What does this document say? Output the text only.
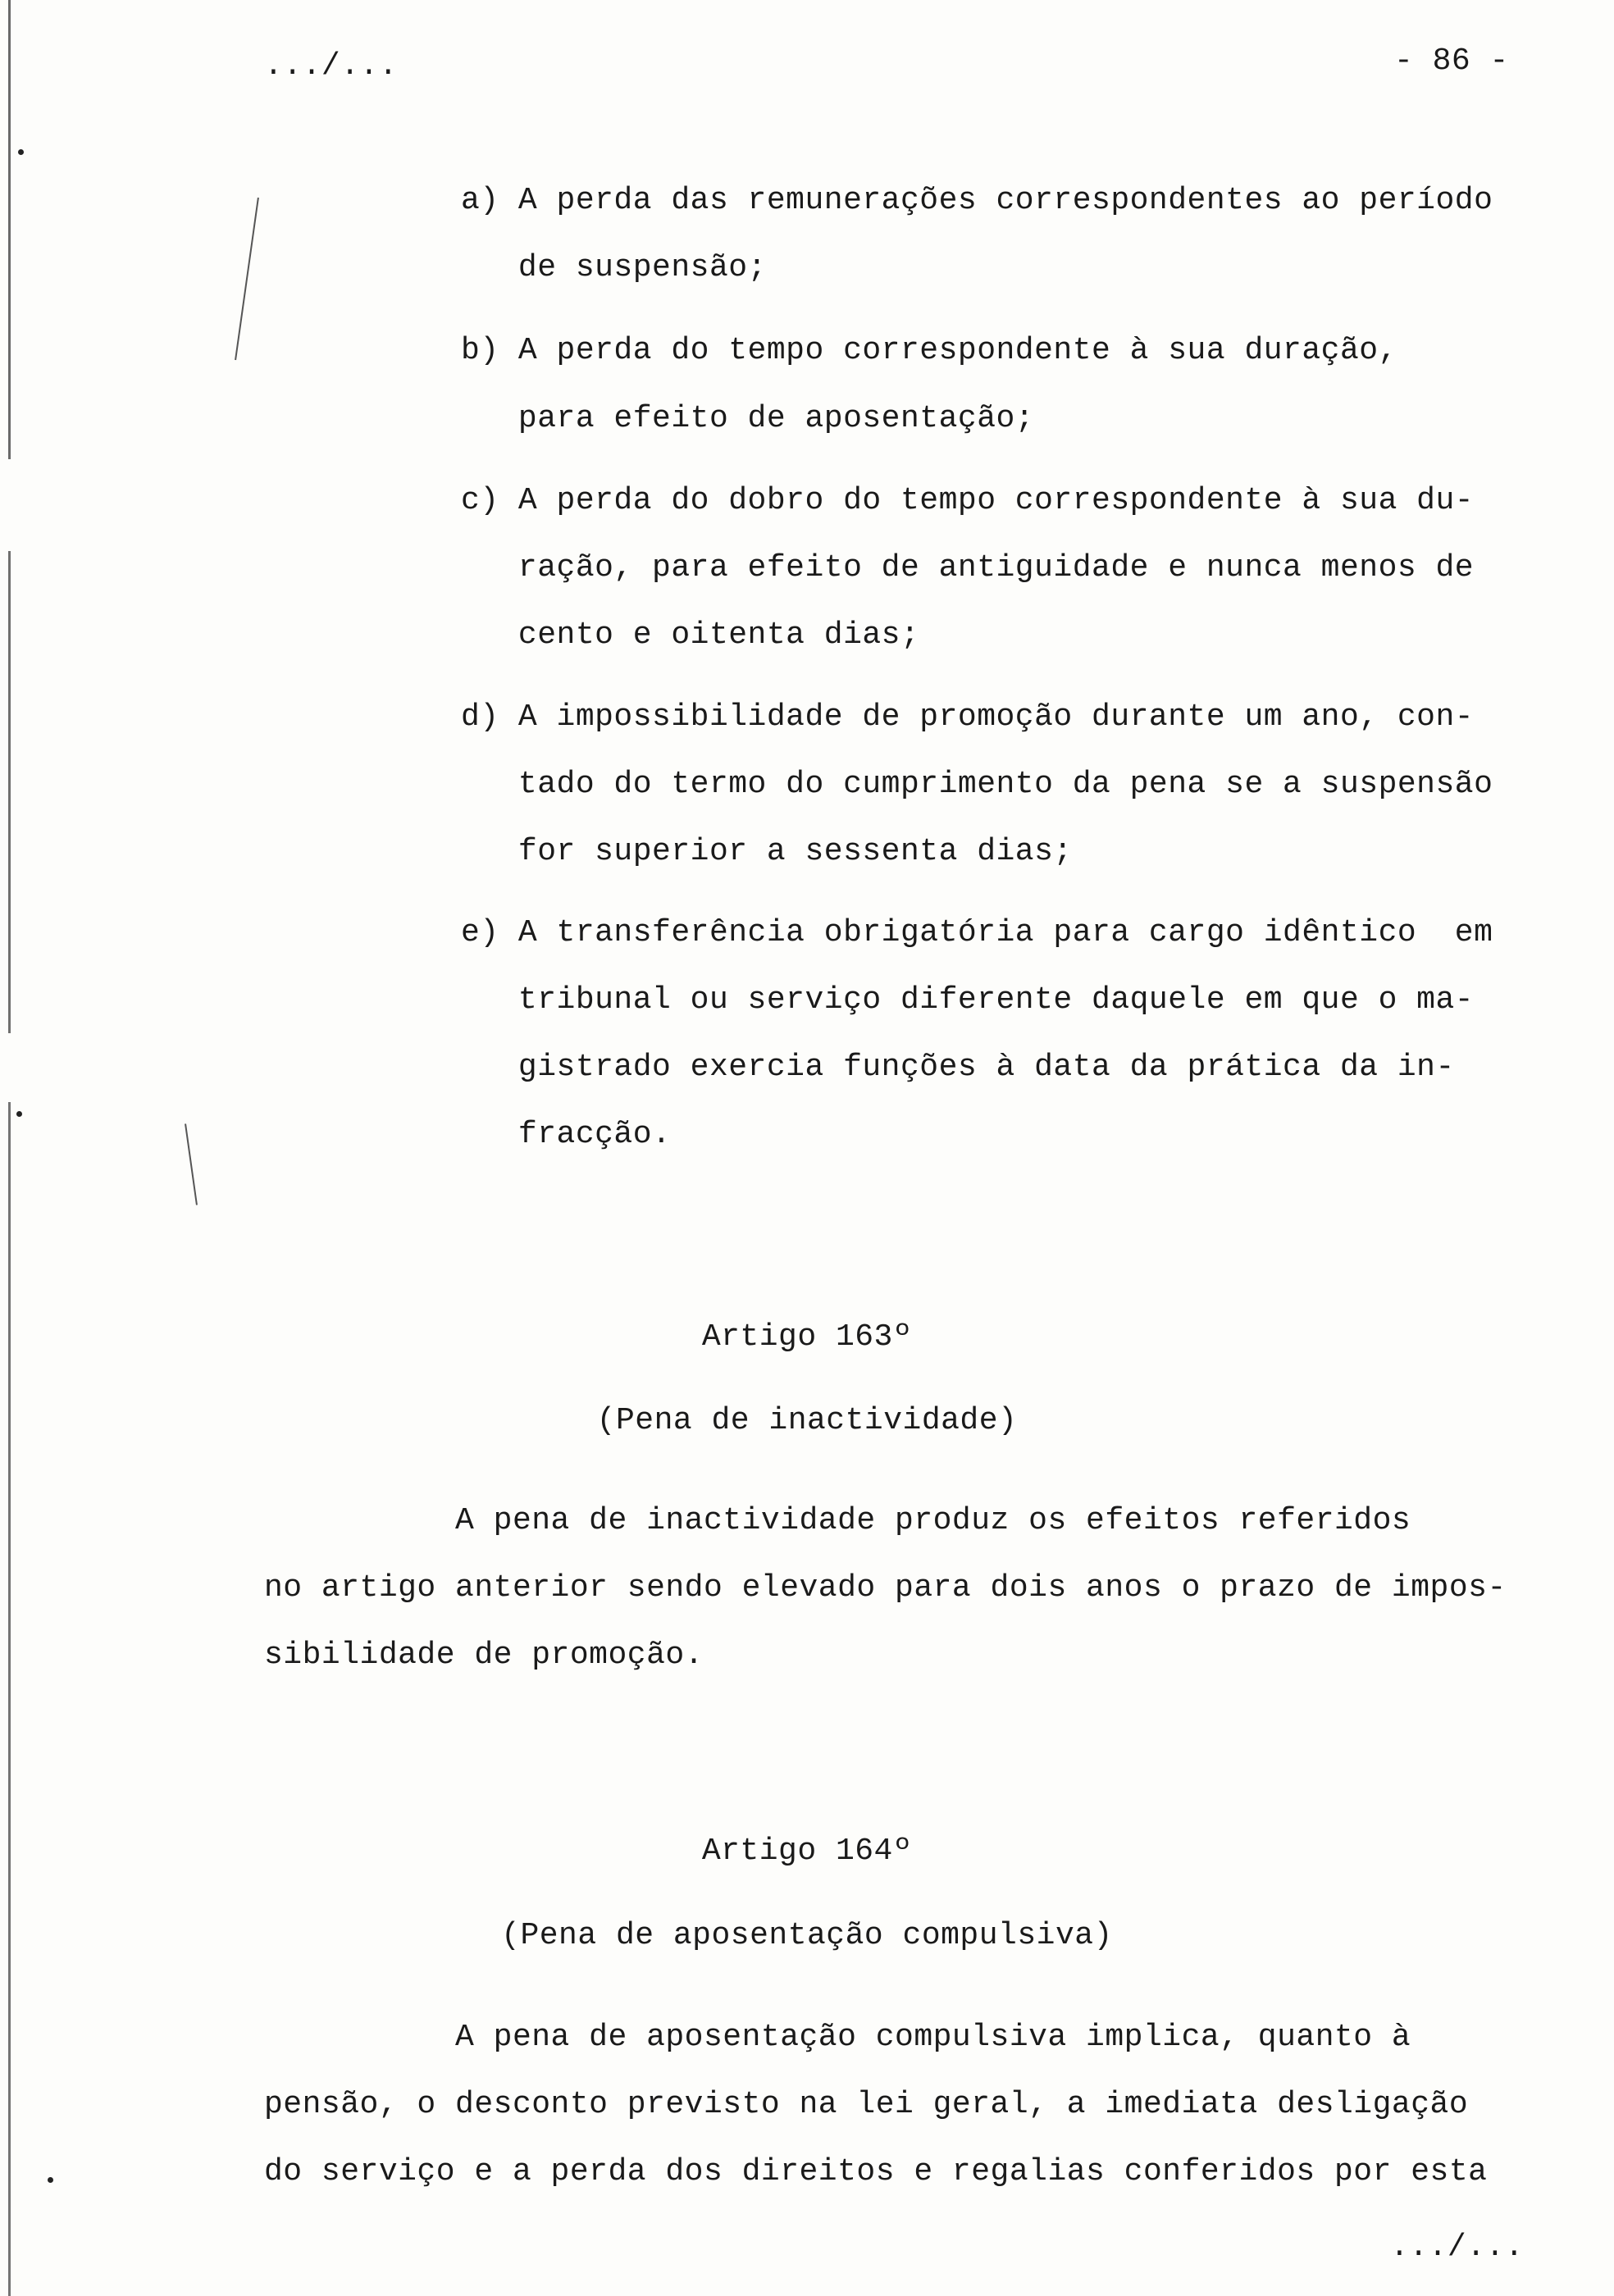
.../...	- 86 -
a) A perda das remunerações correspondentes ao período
de suspensão;
b) A perda do tempo correspondente à sua duração,
para efeito de aposentação;
c) A perda do dobro do tempo correspondente à sua du-
ração, para efeito de antiguidade e nunca menos de
cento e oitenta dias;
d) A impossibilidade de promoção durante um ano, con-
tado do termo do cumprimento da pena se a suspensão
for superior a sessenta dias;
e) A transferência obrigatória para cargo idêntico  em
tribunal ou serviço diferente daquele em que o ma-
gistrado exercia funções à data da prática da in-
fracção.
Artigo 163º
(Pena de inactividade)
A pena de inactividade produz os efeitos referidos
no artigo anterior sendo elevado para dois anos o prazo de impos-
sibilidade de promoção.
Artigo 164º
(Pena de aposentação compulsiva)
A pena de aposentação compulsiva implica, quanto à
pensão, o desconto previsto na lei geral, a imediata desligação
do serviço e a perda dos direitos e regalias conferidos por esta
.../...
